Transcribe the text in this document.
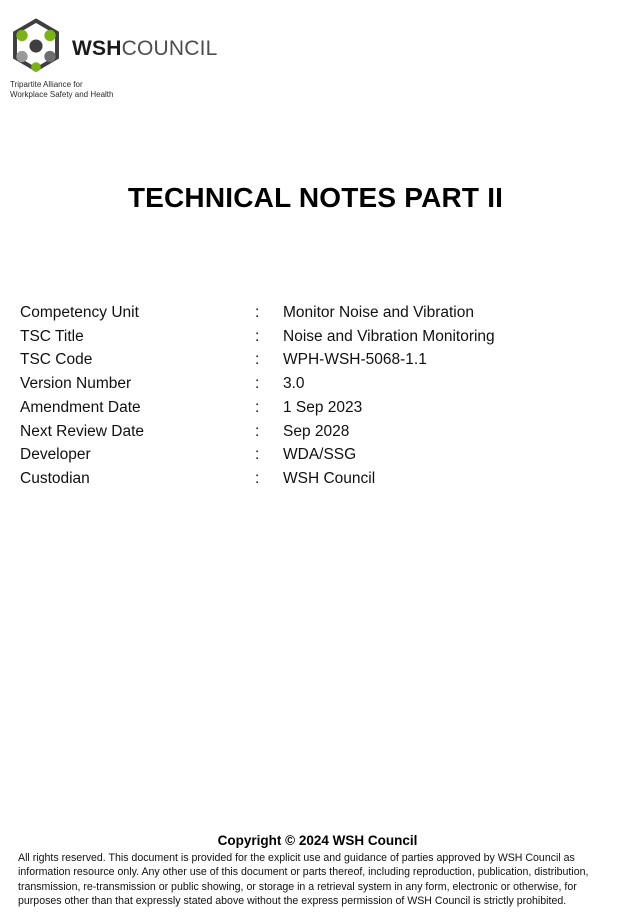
WSHCOUNCIL
Tripartite Alliance for
Workplace Safety and Health
TECHNICAL NOTES PART II
Competency Unit	:	Monitor Noise and Vibration
TSC Title	:	Noise and Vibration Monitoring
TSC Code	:	WPH-WSH-5068-1.1
Version Number	:	3.0
Amendment Date	:	1 Sep 2023
Next Review Date	:	Sep 2028
Developer	:	WDA/SSG
Custodian	:	WSH Council
Copyright © 2024 WSH Council
All rights reserved. This document is provided for the explicit use and guidance of parties approved by WSH Council as information resource only. Any other use of this document or parts thereof, including reproduction, publication, distribution, transmission, re-transmission or public showing, or storage in a retrieval system in any form, electronic or otherwise, for purposes other than that expressly stated above without the express permission of WSH Council is strictly prohibited.
